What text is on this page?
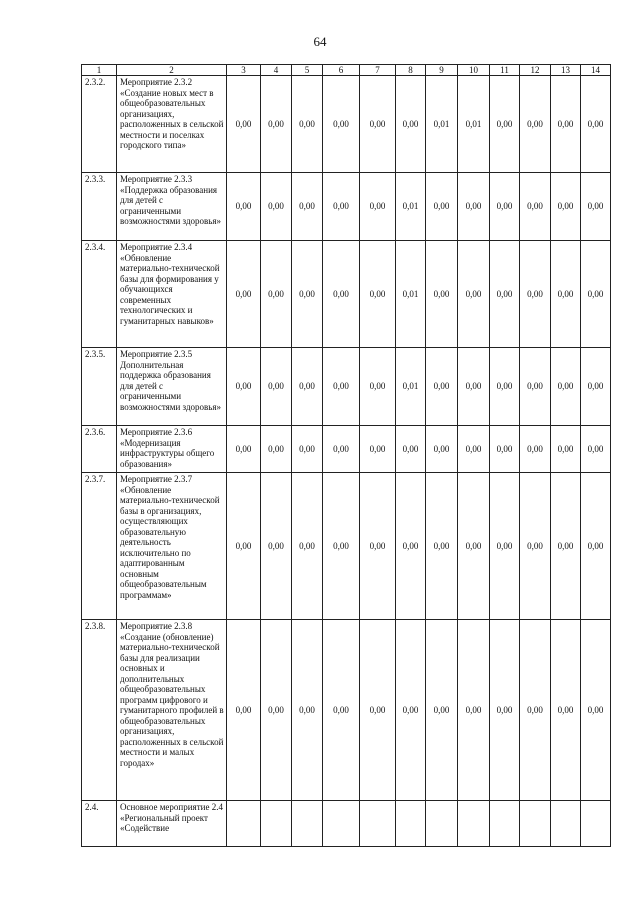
64
1	2	3	4	5	6	7	8	9	10	11	12	13	14
2.3.2.	Мероприятие 2.3.2 «Создание новых мест в общеобразовательных организациях, расположенных в сельской местности и поселках городского типа»	0,00	0,00	0,00	0,00	0,00	0,00	0,01	0,01	0,00	0,00	0,00	0,00
2.3.3.	Мероприятие 2.3.3 «Поддержка образования для детей с ограниченными возможностями здоровья»	0,00	0,00	0,00	0,00	0,00	0,01	0,00	0,00	0,00	0,00	0,00	0,00
2.3.4.	Мероприятие 2.3.4 «Обновление материально-технической базы для формирования у обучающихся современных технологических и гуманитарных навыков»	0,00	0,00	0,00	0,00	0,00	0,01	0,00	0,00	0,00	0,00	0,00	0,00
2.3.5.	Мероприятие 2.3.5 Дополнительная поддержка образования для детей с ограниченными возможностями здоровья»	0,00	0,00	0,00	0,00	0,00	0,01	0,00	0,00	0,00	0,00	0,00	0,00
2.3.6.	Мероприятие 2.3.6 «Модернизация инфраструктуры общего образования»	0,00	0,00	0,00	0,00	0,00	0,00	0,00	0,00	0,00	0,00	0,00	0,00
2.3.7.	Мероприятие 2.3.7 «Обновление материально-технической базы в организациях, осуществляющих образовательную деятельность исключительно по адаптированным основным общеобразовательным программам»	0,00	0,00	0,00	0,00	0,00	0,00	0,00	0,00	0,00	0,00	0,00	0,00
2.3.8.	Мероприятие 2.3.8 «Создание (обновление) материально-технической базы для реализации основных и дополнительных общеобразовательных программ цифрового и гуманитарного профилей в общеобразовательных организациях, расположенных в сельской местности и малых городах»	0,00	0,00	0,00	0,00	0,00	0,00	0,00	0,00	0,00	0,00	0,00	0,00
2.4.	Основное мероприятие 2.4 «Региональный проект «Содействие												
